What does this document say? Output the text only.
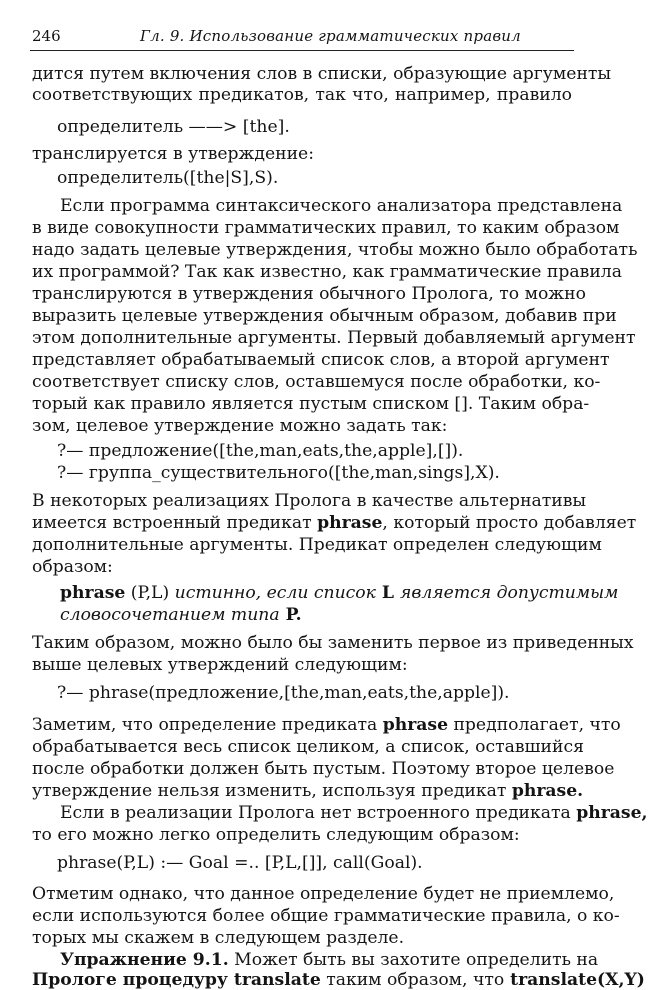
246	Гл. 9. Использование грамматических правил
дится путем включения слов в списки, образующие аргументы
соответствующих предикатов, так что, например, правило
определитель ——> [the].
транслируется в утверждение:
определитель([the|S],S).
Если программа синтаксического анализатора представлена
в виде совокупности грамматических правил, то каким образом
надо задать целевые утверждения, чтобы можно было обработать
их программой? Так как известно, как грамматические правила
транслируются в утверждения обычного Пролога, то можно
выразить целевые утверждения обычным образом, добавив при
этом дополнительные аргументы. Первый добавляемый аргумент
представляет обрабатываемый список слов, а второй аргумент
соответствует списку слов, оставшемуся после обработки, ко-
торый как правило является пустым списком []. Таким обра-
зом, целевое утверждение можно задать так:
?— предложение([the,man,eats,the,apple],[]).
?— группа_существительного([the,man,sings],X).
В некоторых реализациях Пролога в качестве альтернативы
имеется встроенный предикат phrase, который просто добавляет
дополнительные аргументы. Предикат определен следующим
образом:
phrase (P,L) истинно, если список L является допустимым
словосочетанием типа P.
Таким образом, можно было бы заменить первое из приведенных
выше целевых утверждений следующим:
?— phrase(предложение,[the,man,eats,the,apple]).
Заметим, что определение предиката phrase предполагает, что
обрабатывается весь список целиком, а список, оставшийся
после обработки должен быть пустым. Поэтому второе целевое
утверждение нельзя изменить, используя предикат phrase.
Если в реализации Пролога нет встроенного предиката phrase,
то его можно легко определить следующим образом:
phrase(P,L) :— Goal =.. [P,L,[]], call(Goal).
Отметим однако, что данное определение будет не приемлемо,
если используются более общие грамматические правила, о ко-
торых мы скажем в следующем разделе.
Упражнение 9.1. Может быть вы захотите определить на
Прологе процедуру translate таким образом, что translate(X,Y)
